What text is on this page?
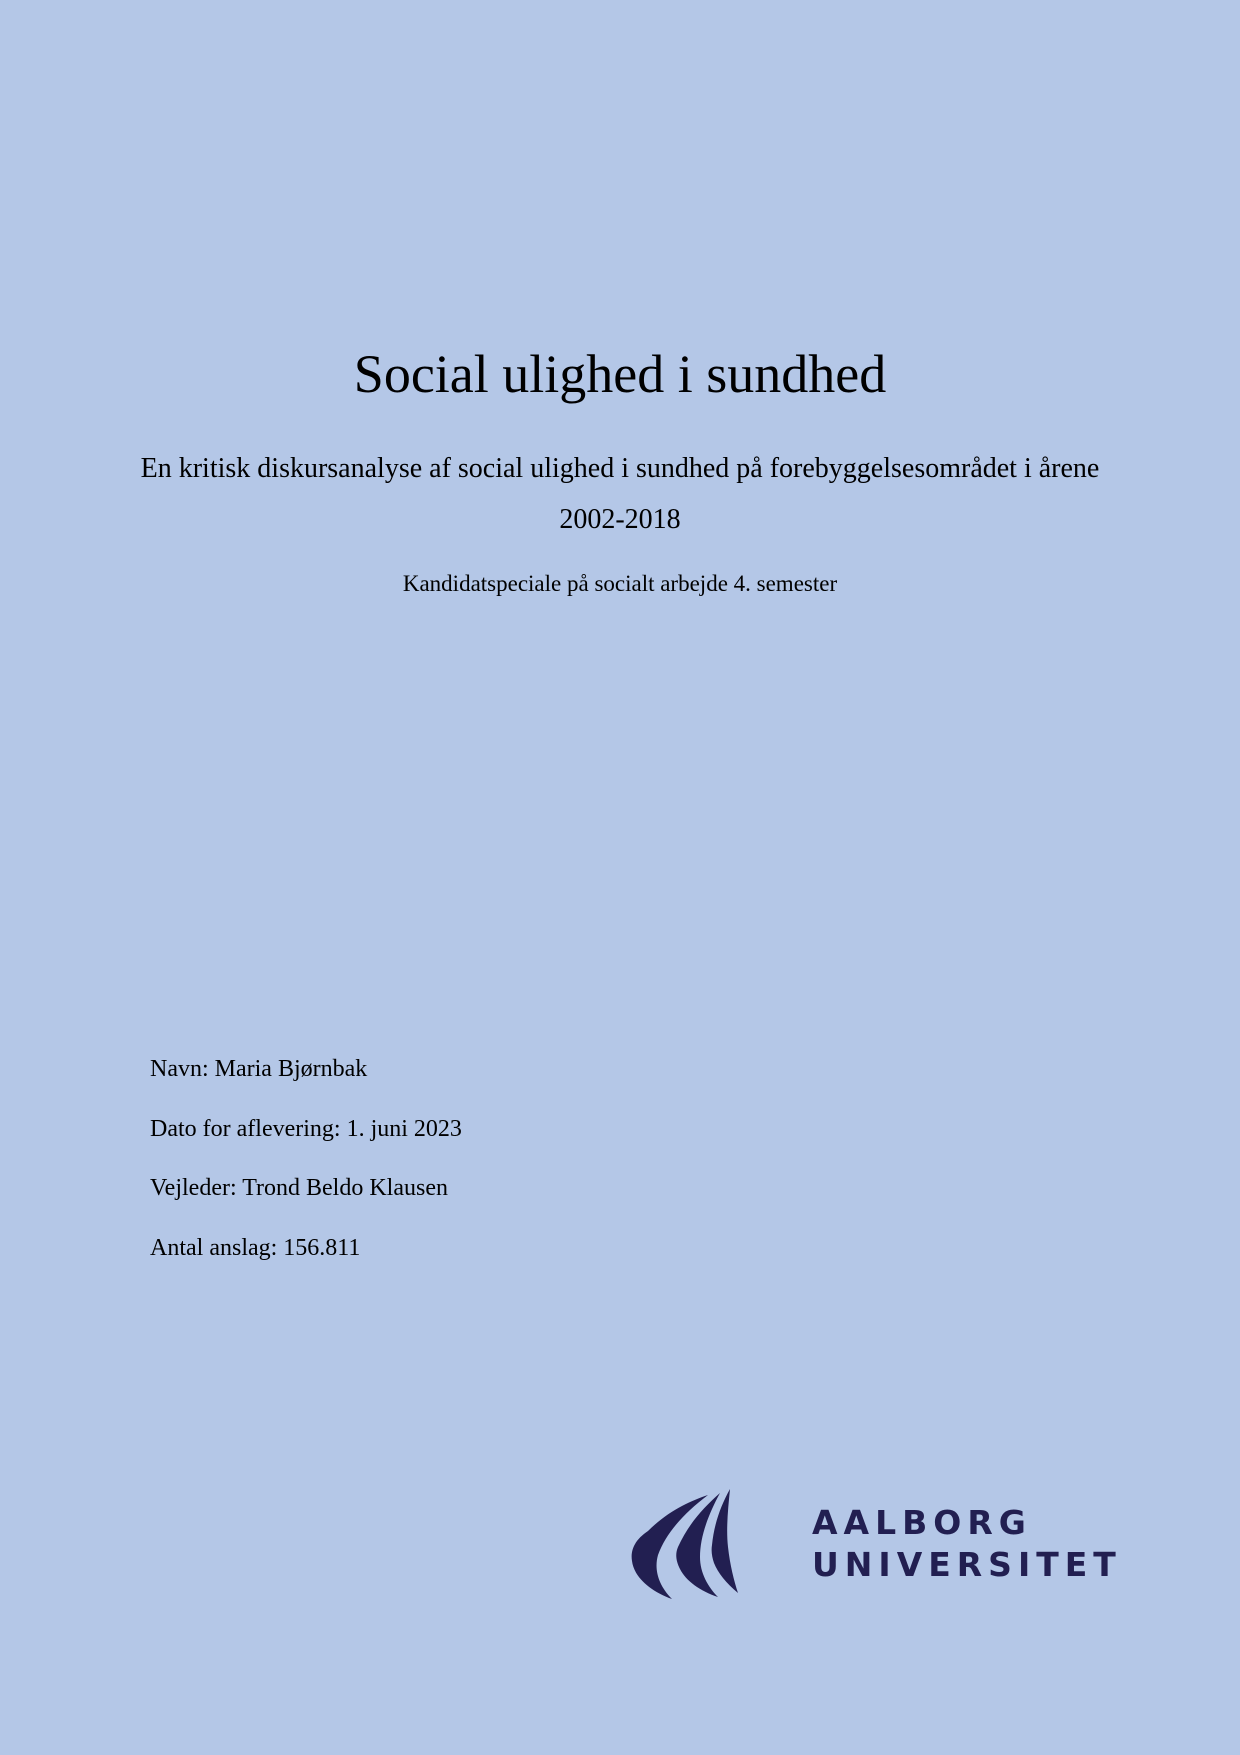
Social ulighed i sundhed

En kritisk diskursanalyse af social ulighed i sundhed på forebyggelsesområdet i årene 2002-2018

Kandidatspeciale på socialt arbejde 4. semester

Navn: Maria Bjørnbak
Dato for aflevering: 1. juni 2023
Vejleder: Trond Beldo Klausen
Antal anslag: 156.811
AALBORG
UNIVERSITET
